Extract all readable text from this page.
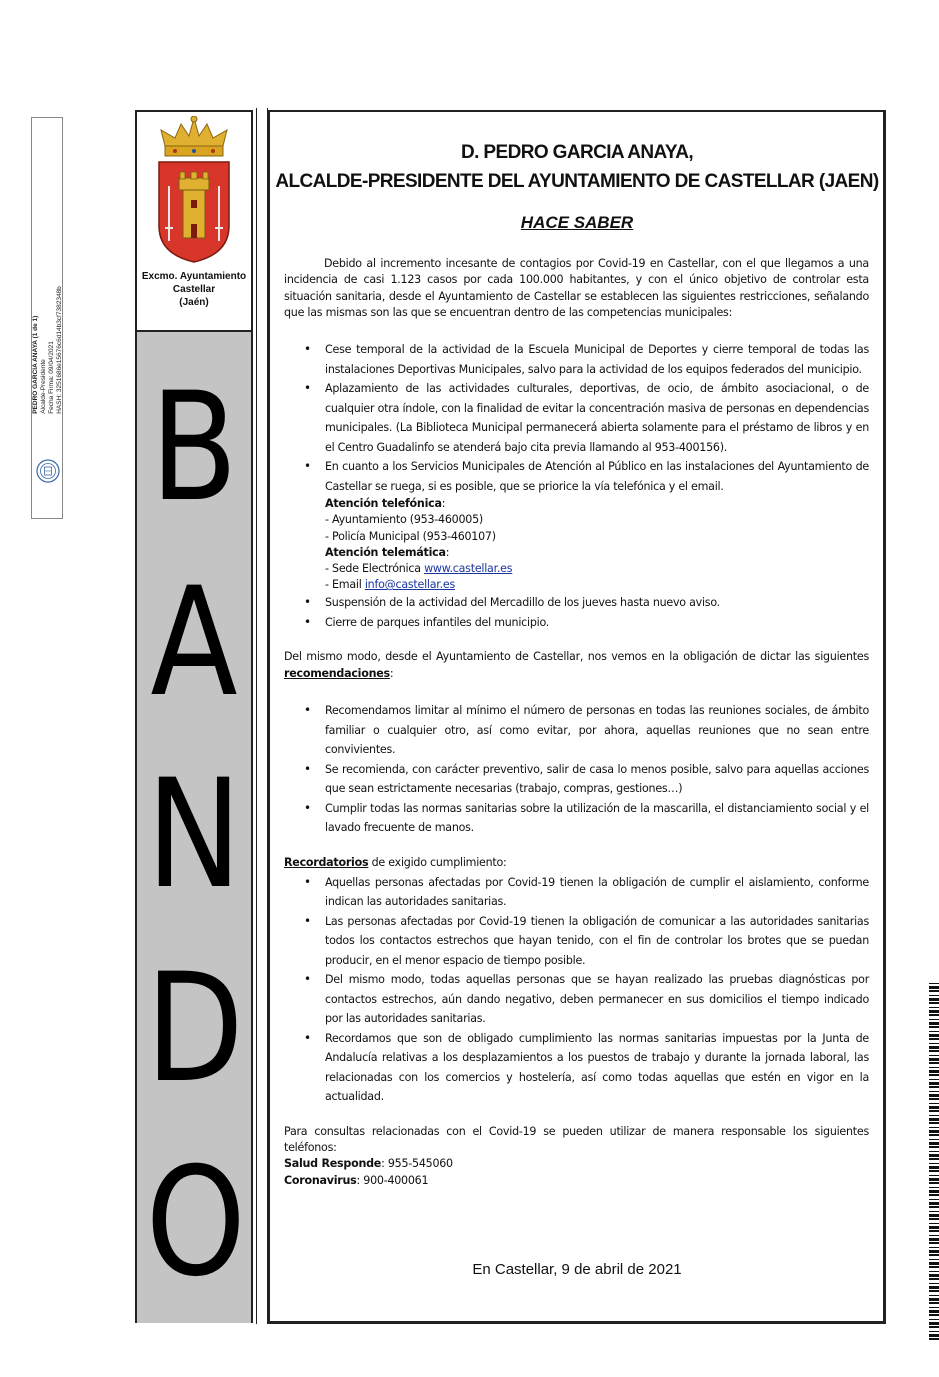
PEDRO GARCIA ANAYA (1 de 1) Alcalde-Presidente Fecha Firma: 09/04/2021 HASH: 3251686e15676c6d14b3cf7382348b
Excmo. Ayuntamiento
Castellar
(Jaén)
B
A
N
D
O
D. PEDRO GARCIA ANAYA,
ALCALDE-PRESIDENTE DEL AYUNTAMIENTO DE CASTELLAR (JAEN)
HACE SABER

Debido al incremento incesante de contagios por Covid-19 en Castellar, con el que llegamos a una incidencia de casi 1.123 casos por cada 100.000 habitantes, y con el único objetivo de controlar esta situación sanitaria, desde el Ayuntamiento de Castellar se establecen las siguientes restricciones, señalando que las mismas son las que se encuentran dentro de las competencias municipales:

• Cese temporal de la actividad de la Escuela Municipal de Deportes y cierre temporal de todas las instalaciones Deportivas Municipales, salvo para la actividad de los equipos federados del municipio.
• Aplazamiento de las actividades culturales, deportivas, de ocio, de ámbito asociacional, o de cualquier otra índole, con la finalidad de evitar la concentración masiva de personas en dependencias municipales. (La Biblioteca Municipal permanecerá abierta solamente para el préstamo de libros y en el Centro Guadalinfo se atenderá bajo cita previa llamando al 953-400156).
• En cuanto a los Servicios Municipales de Atención al Público en las instalaciones del Ayuntamiento de Castellar se ruega, si es posible, que se priorice la vía telefónica y el email.
Atención telefónica:
- Ayuntamiento (953-460005)
- Policía Municipal (953-460107)
Atención telemática:
- Sede Electrónica www.castellar.es
- Email info@castellar.es
• Suspensión de la actividad del Mercadillo de los jueves hasta nuevo aviso.
• Cierre de parques infantiles del municipio.

Del mismo modo, desde el Ayuntamiento de Castellar, nos vemos en la obligación de dictar las siguientes recomendaciones:

• Recomendamos limitar al mínimo el número de personas en todas las reuniones sociales, de ámbito familiar o cualquier otro, así como evitar, por ahora, aquellas reuniones que no sean entre convivientes.
• Se recomienda, con carácter preventivo, salir de casa lo menos posible, salvo para aquellas acciones que sean estrictamente necesarias (trabajo, compras, gestiones…)
• Cumplir todas las normas sanitarias sobre la utilización de la mascarilla, el distanciamiento social y el lavado frecuente de manos.

Recordatorios de exigido cumplimiento:

• Aquellas personas afectadas por Covid-19 tienen la obligación de cumplir el aislamiento, conforme indican las autoridades sanitarias.
• Las personas afectadas por Covid-19 tienen la obligación de comunicar a las autoridades sanitarias todos los contactos estrechos que hayan tenido, con el fin de controlar los brotes que se puedan producir, en el menor espacio de tiempo posible.
• Del mismo modo, todas aquellas personas que se hayan realizado las pruebas diagnósticas por contactos estrechos, aún dando negativo, deben permanecer en sus domicilios el tiempo indicado por las autoridades sanitarias.
• Recordamos que son de obligado cumplimiento las normas sanitarias impuestas por la Junta de Andalucía relativas a los desplazamientos a los puestos de trabajo y durante la jornada laboral, las relacionadas con los comercios y hostelería, así como todas aquellas que estén en vigor en la actualidad.

Para consultas relacionadas con el Covid-19 se pueden utilizar de manera responsable los siguientes teléfonos:

Salud Responde: 955-545060

Coronavirus: 900-400061

En Castellar, 9 de abril de 2021
